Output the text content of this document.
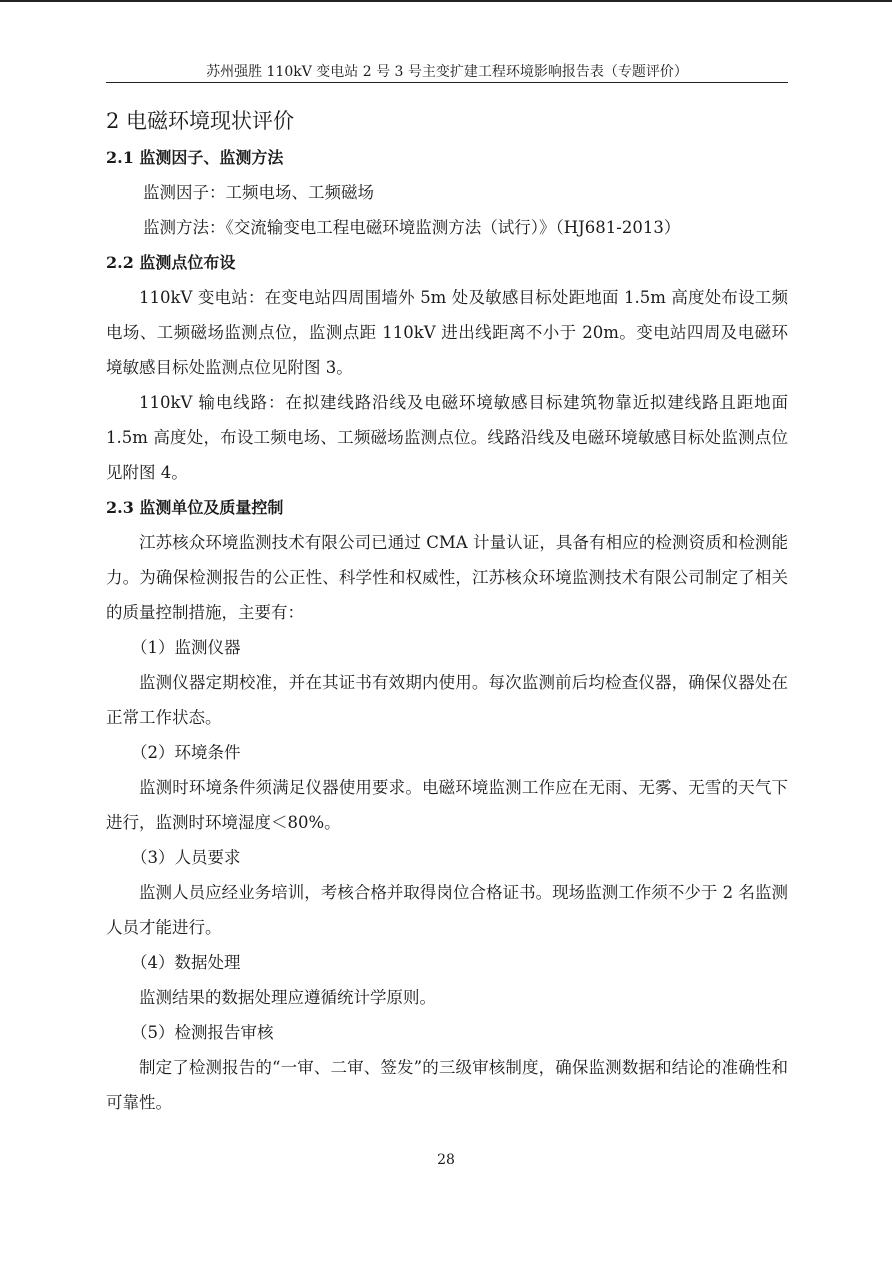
苏州强胜 110kV 变电站 2 号 3 号主变扩建工程环境影响报告表（专题评价）
2 电磁环境现状评价
2.1 监测因子、监测方法

监测因子：工频电场、工频磁场

监测方法：《交流输变电工程电磁环境监测方法（试行）》（HJ681-2013）

2.2 监测点位布设

110kV 变电站：在变电站四周围墙外 5m 处及敏感目标处距地面 1.5m 高度处布设工频电场、工频磁场监测点位，监测点距 110kV 进出线距离不小于 20m。变电站四周及电磁环境敏感目标处监测点位见附图 3。

110kV 输电线路：在拟建线路沿线及电磁环境敏感目标建筑物靠近拟建线路且距地面 1.5m 高度处，布设工频电场、工频磁场监测点位。线路沿线及电磁环境敏感目标处监测点位见附图 4。

2.3 监测单位及质量控制

江苏核众环境监测技术有限公司已通过 CMA 计量认证，具备有相应的检测资质和检测能力。为确保检测报告的公正性、科学性和权威性，江苏核众环境监测技术有限公司制定了相关的质量控制措施，主要有：

（1）监测仪器

监测仪器定期校准，并在其证书有效期内使用。每次监测前后均检查仪器，确保仪器处在正常工作状态。

（2）环境条件

监测时环境条件须满足仪器使用要求。电磁环境监测工作应在无雨、无雾、无雪的天气下进行，监测时环境湿度＜80%。

（3）人员要求

监测人员应经业务培训，考核合格并取得岗位合格证书。现场监测工作须不少于 2 名监测人员才能进行。

（4）数据处理

监测结果的数据处理应遵循统计学原则。

（5）检测报告审核

制定了检测报告的“一审、二审、签发”的三级审核制度，确保监测数据和结论的准确性和可靠性。

28
